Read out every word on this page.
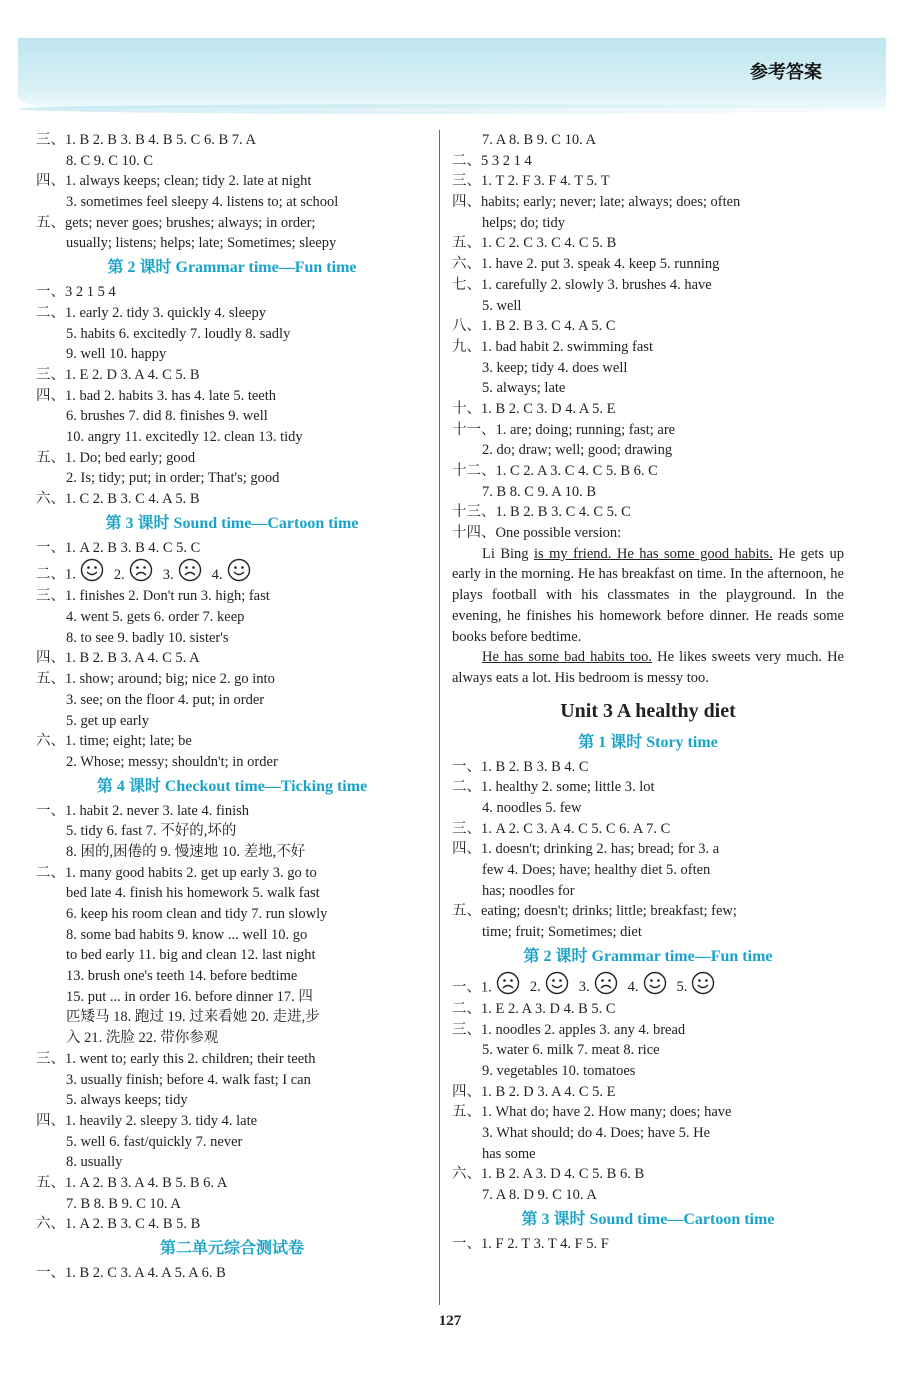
参考答案
三、1. B 2. B 3. B 4. B 5. C 6. B 7. A
8. C 9. C 10. C
四、1. always keeps; clean; tidy 2. late at night
3. sometimes feel sleepy 4. listens to; at school
五、gets; never goes; brushes; always; in order;
usually; listens; helps; late; Sometimes; sleepy
第 2 课时 Grammar time—Fun time
一、3 2 1 5 4
二、1. early 2. tidy 3. quickly 4. sleepy
5. habits 6. excitedly 7. loudly 8. sadly
9. well 10. happy
三、1. E 2. D 3. A 4. C 5. B
四、1. bad 2. habits 3. has 4. late 5. teeth
6. brushes 7. did 8. finishes 9. well
10. angry 11. excitedly 12. clean 13. tidy
五、1. Do; bed early; good
2. Is; tidy; put; in order; That's; good
六、1. C 2. B 3. C 4. A 5. B
第 3 课时 Sound time—Cartoon time
一、1. A 2. B 3. B 4. C 5. C
二、1.	2.	3.	4.
三、1. finishes 2. Don't run 3. high; fast
4. went 5. gets 6. order 7. keep
8. to see 9. badly 10. sister's
四、1. B 2. B 3. A 4. C 5. A
五、1. show; around; big; nice 2. go into
3. see; on the floor 4. put; in order
5. get up early
六、1. time; eight; late; be
2. Whose; messy; shouldn't; in order
第 4 课时 Checkout time—Ticking time
一、1. habit 2. never 3. late 4. finish
5. tidy 6. fast 7. 不好的,坏的
8. 困的,困倦的 9. 慢速地 10. 差地,不好
二、1. many good habits 2. get up early 3. go to
bed late 4. finish his homework 5. walk fast
6. keep his room clean and tidy 7. run slowly
8. some bad habits 9. know ... well 10. go
to bed early 11. big and clean 12. last night
13. brush one's teeth 14. before bedtime
15. put ... in order 16. before dinner 17. 四
匹矮马 18. 跑过 19. 过来看她 20. 走进,步
入 21. 洗脸 22. 带你参观
三、1. went to; early this 2. children; their teeth
3. usually finish; before 4. walk fast; I can
5. always keeps; tidy
四、1. heavily 2. sleepy 3. tidy 4. late
5. well 6. fast/quickly 7. never
8. usually
五、1. A 2. B 3. A 4. B 5. B 6. A
7. B 8. B 9. C 10. A
六、1. A 2. B 3. C 4. B 5. B
第二单元综合测试卷
一、1. B 2. C 3. A 4. A 5. A 6. B
7. A 8. B 9. C 10. A
二、5 3 2 1 4
三、1. T 2. F 3. F 4. T 5. T
四、habits; early; never; late; always; does; often
helps; do; tidy
五、1. C 2. C 3. C 4. C 5. B
六、1. have 2. put 3. speak 4. keep 5. running
七、1. carefully 2. slowly 3. brushes 4. have
5. well
八、1. B 2. B 3. C 4. A 5. C
九、1. bad habit 2. swimming fast
3. keep; tidy 4. does well
5. always; late
十、1. B 2. C 3. D 4. A 5. E
十一、1. are; doing; running; fast; are
2. do; draw; well; good; drawing
十二、1. C 2. A 3. C 4. C 5. B 6. C
7. B 8. C 9. A 10. B
十三、1. B 2. B 3. C 4. C 5. C
十四、One possible version:
Li Bing is my friend. He has some good habits. He gets up early in the morning. He has breakfast on time. In the afternoon, he plays football with his classmates in the playground. In the evening, he finishes his homework before dinner. He reads some books before bedtime.
He has some bad habits too. He likes sweets very much. He always eats a lot. His bedroom is messy too.
Unit 3 A healthy diet
第 1 课时 Story time
一、1. B 2. B 3. B 4. C
二、1. healthy 2. some; little 3. lot
4. noodles 5. few
三、1. A 2. C 3. A 4. C 5. C 6. A 7. C
四、1. doesn't; drinking 2. has; bread; for 3. a
few 4. Does; have; healthy diet 5. often
has; noodles for
五、eating; doesn't; drinks; little; breakfast; few;
time; fruit; Sometimes; diet
第 2 课时 Grammar time—Fun time
一、1.	2.	3.	4.	5.
二、1. E 2. A 3. D 4. B 5. C
三、1. noodles 2. apples 3. any 4. bread
5. water 6. milk 7. meat 8. rice
9. vegetables 10. tomatoes
四、1. B 2. D 3. A 4. C 5. E
五、1. What do; have 2. How many; does; have
3. What should; do 4. Does; have 5. He
has some
六、1. B 2. A 3. D 4. C 5. B 6. B
7. A 8. D 9. C 10. A
第 3 课时 Sound time—Cartoon time
一、1. F 2. T 3. T 4. F 5. F
127
